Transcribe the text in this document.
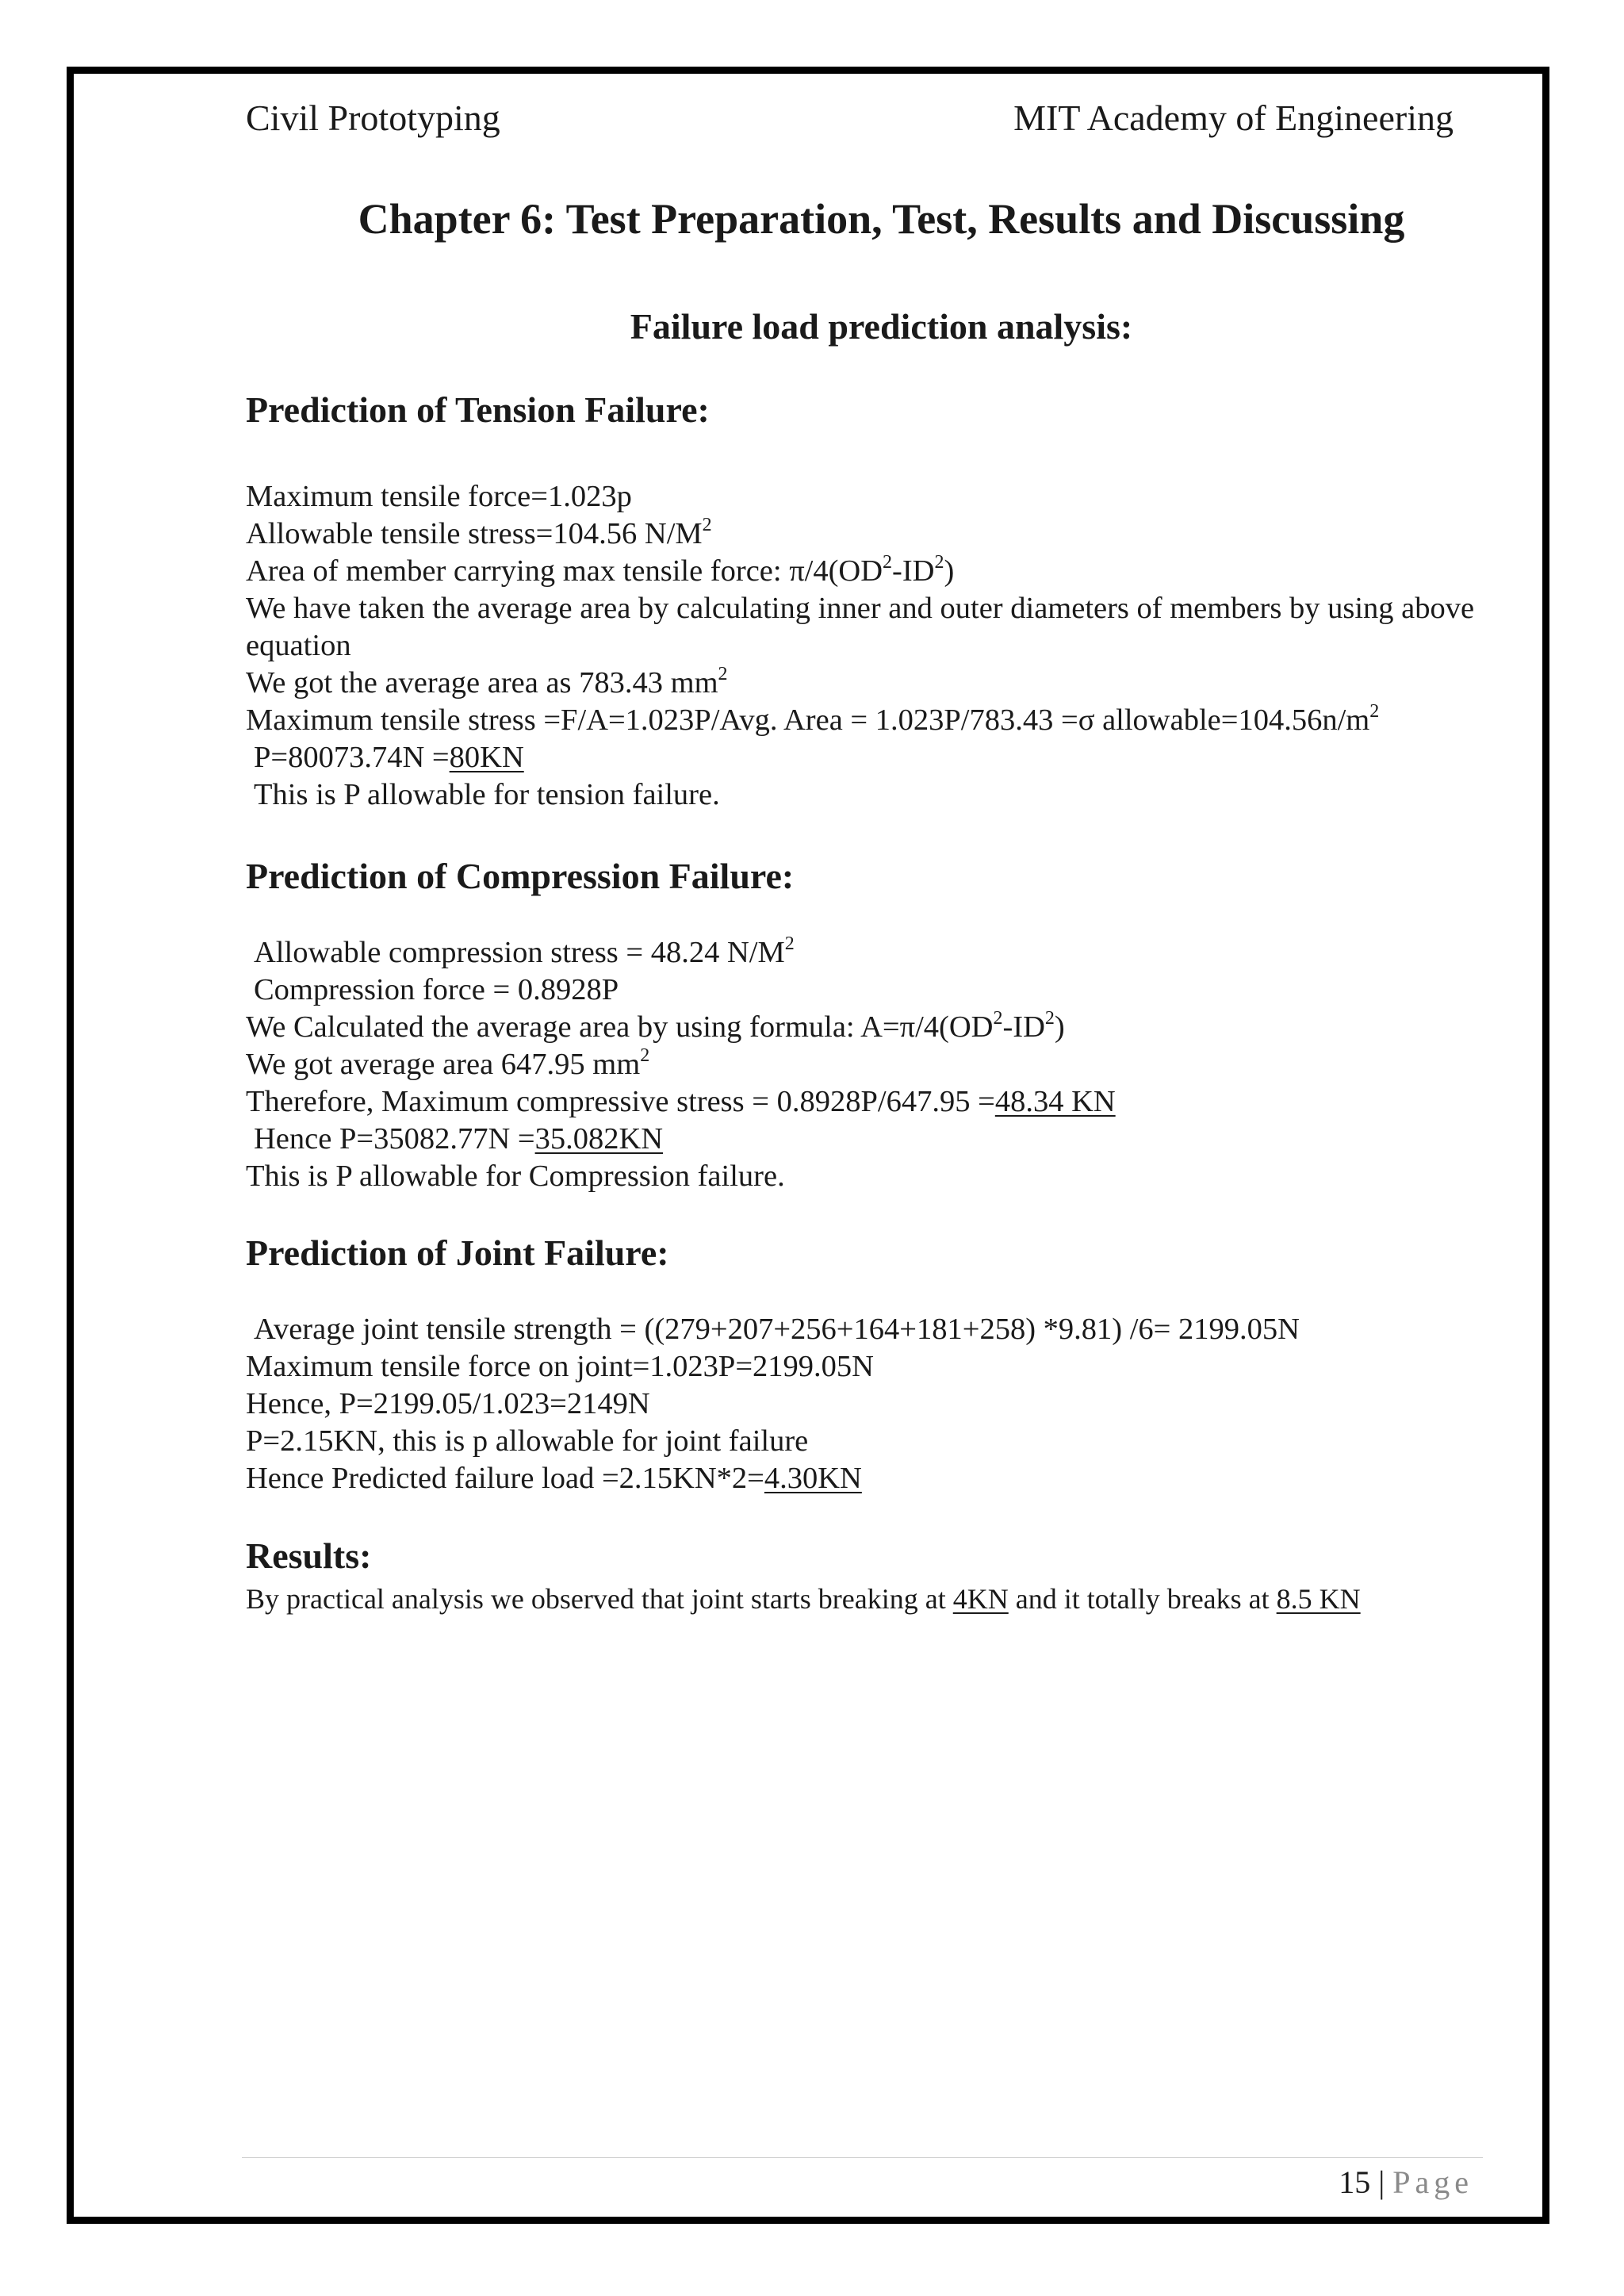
Civil Prototyping	MIT Academy of Engineering
Chapter 6: Test Preparation, Test, Results and Discussing
Failure load prediction analysis:
Prediction of Tension Failure:
Maximum tensile force=1.023p
Allowable tensile stress=104.56 $N/M^2$
Area of member carrying max tensile force: $\pi/4(OD^2-ID^2)$
We have taken the average area by calculating inner and outer diameters of members by using above equation
We got the average area as 783.43 $mm^2$
Maximum tensile stress =F/A=1.023P/Avg. Area = 1.023P/783.43 =σ $allowable=104.56n/m^2$
P=80073.74N =80KN
This is P allowable for tension failure.
Prediction of Compression Failure:
Allowable compression stress = 48.24 $N/M^2$
Compression force = 0.8928P
We Calculated the average area by using formula: $A=\pi/4(OD^2-ID^2)$
We got average area 647.95 $mm^2$
Therefore, Maximum compressive stress = 0.8928P/647.95 =48.34 KN
Hence P=35082.77N =35.082KN
This is P allowable for Compression failure.
Prediction of Joint Failure:
Average joint tensile strength = ((279+207+256+164+181+258) *9.81) /6= 2199.05N
Maximum tensile force on joint=1.023P=2199.05N
Hence, P=2199.05/1.023=2149N
P=2.15KN, this is p allowable for joint failure
Hence Predicted failure load =2.15KN*2=4.30KN
Results:
By practical analysis we observed that joint starts breaking at 4KN and it totally breaks at 8.5 KN
15 | Page
